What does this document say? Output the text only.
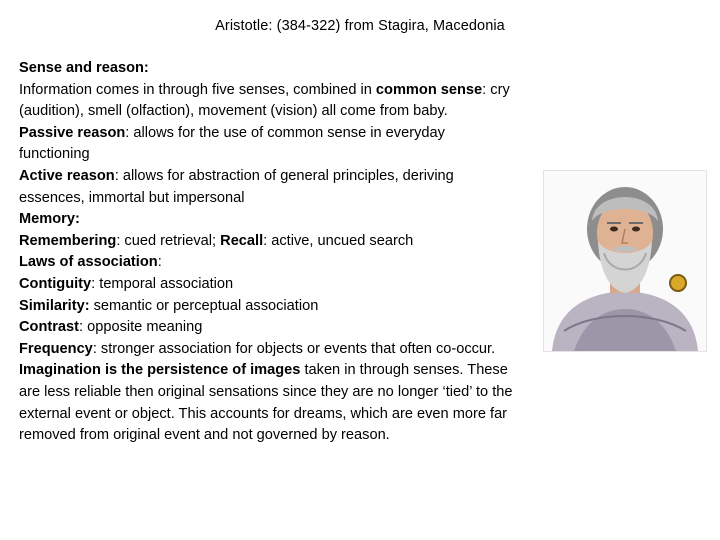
Aristotle: (384-322) from Stagira, Macedonia

Sense and reason:
Information comes in through five senses, combined in common sense: cry (audition), smell (olfaction), movement (vision) all come from baby.

Passive reason: allows for the use of common sense in everyday functioning

Active reason: allows for abstraction of general principles, deriving essences, immortal but impersonal

Memory:

Remembering: cued retrieval; Recall: active, uncued search

Laws of association:

Contiguity: temporal association

Similarity: semantic or perceptual association

Contrast: opposite meaning

Frequency: stronger association for objects or events that often co-occur.

Imagination is the persistence of images taken in through senses. These are less reliable then original sensations since they are no longer ‘tied’ to the external event or object. This accounts for dreams, which are even more far removed from original event and not governed by reason.
